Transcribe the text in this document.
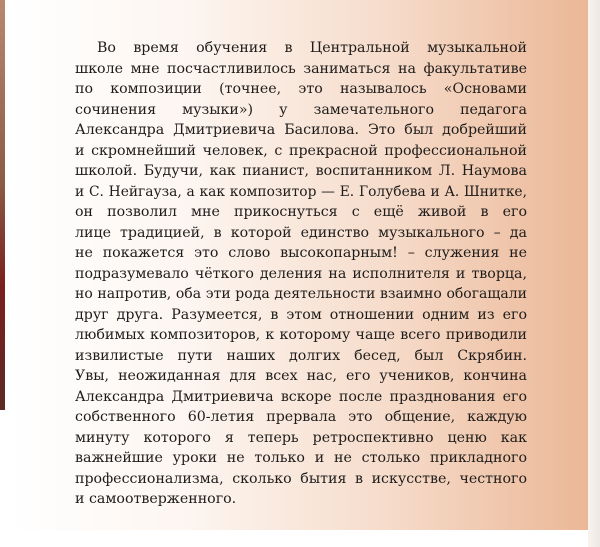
Во время обучения в Центральной музыкальной
школе мне посчастливилось заниматься на факультативе
по композиции (точнее, это называлось «Основами
сочинения музыки») у замечательного педагога
Александра Дмитриевича Басилова. Это был добрейший
и скромнейший человек, с прекрасной профессиональной
школой. Будучи, как пианист, воспитанником Л. Наумова
и С. Нейгауза, а как композитор — Е. Голубева и А. Шнитке,
он позволил мне прикоснуться с ещё живой в его
лице традицией, в которой единство музыкального – да
не покажется это слово высокопарным! – служения не
подразумевало чёткого деления на исполнителя и творца,
но напротив, оба эти рода деятельности взаимно обогащали
друг друга. Разумеется, в этом отношении одним из его
любимых композиторов, к которому чаще всего приводили
извилистые пути наших долгих бесед, был Скрябин.
Увы, неожиданная для всех нас, его учеников, кончина
Александра Дмитриевича вскоре после празднования его
собственного 60-летия прервала это общение, каждую
минуту которого я теперь ретроспективно ценю как
важнейшие уроки не только и не столько прикладного
профессионализма, сколько бытия в искусстве, честного
и самоотверженного.
